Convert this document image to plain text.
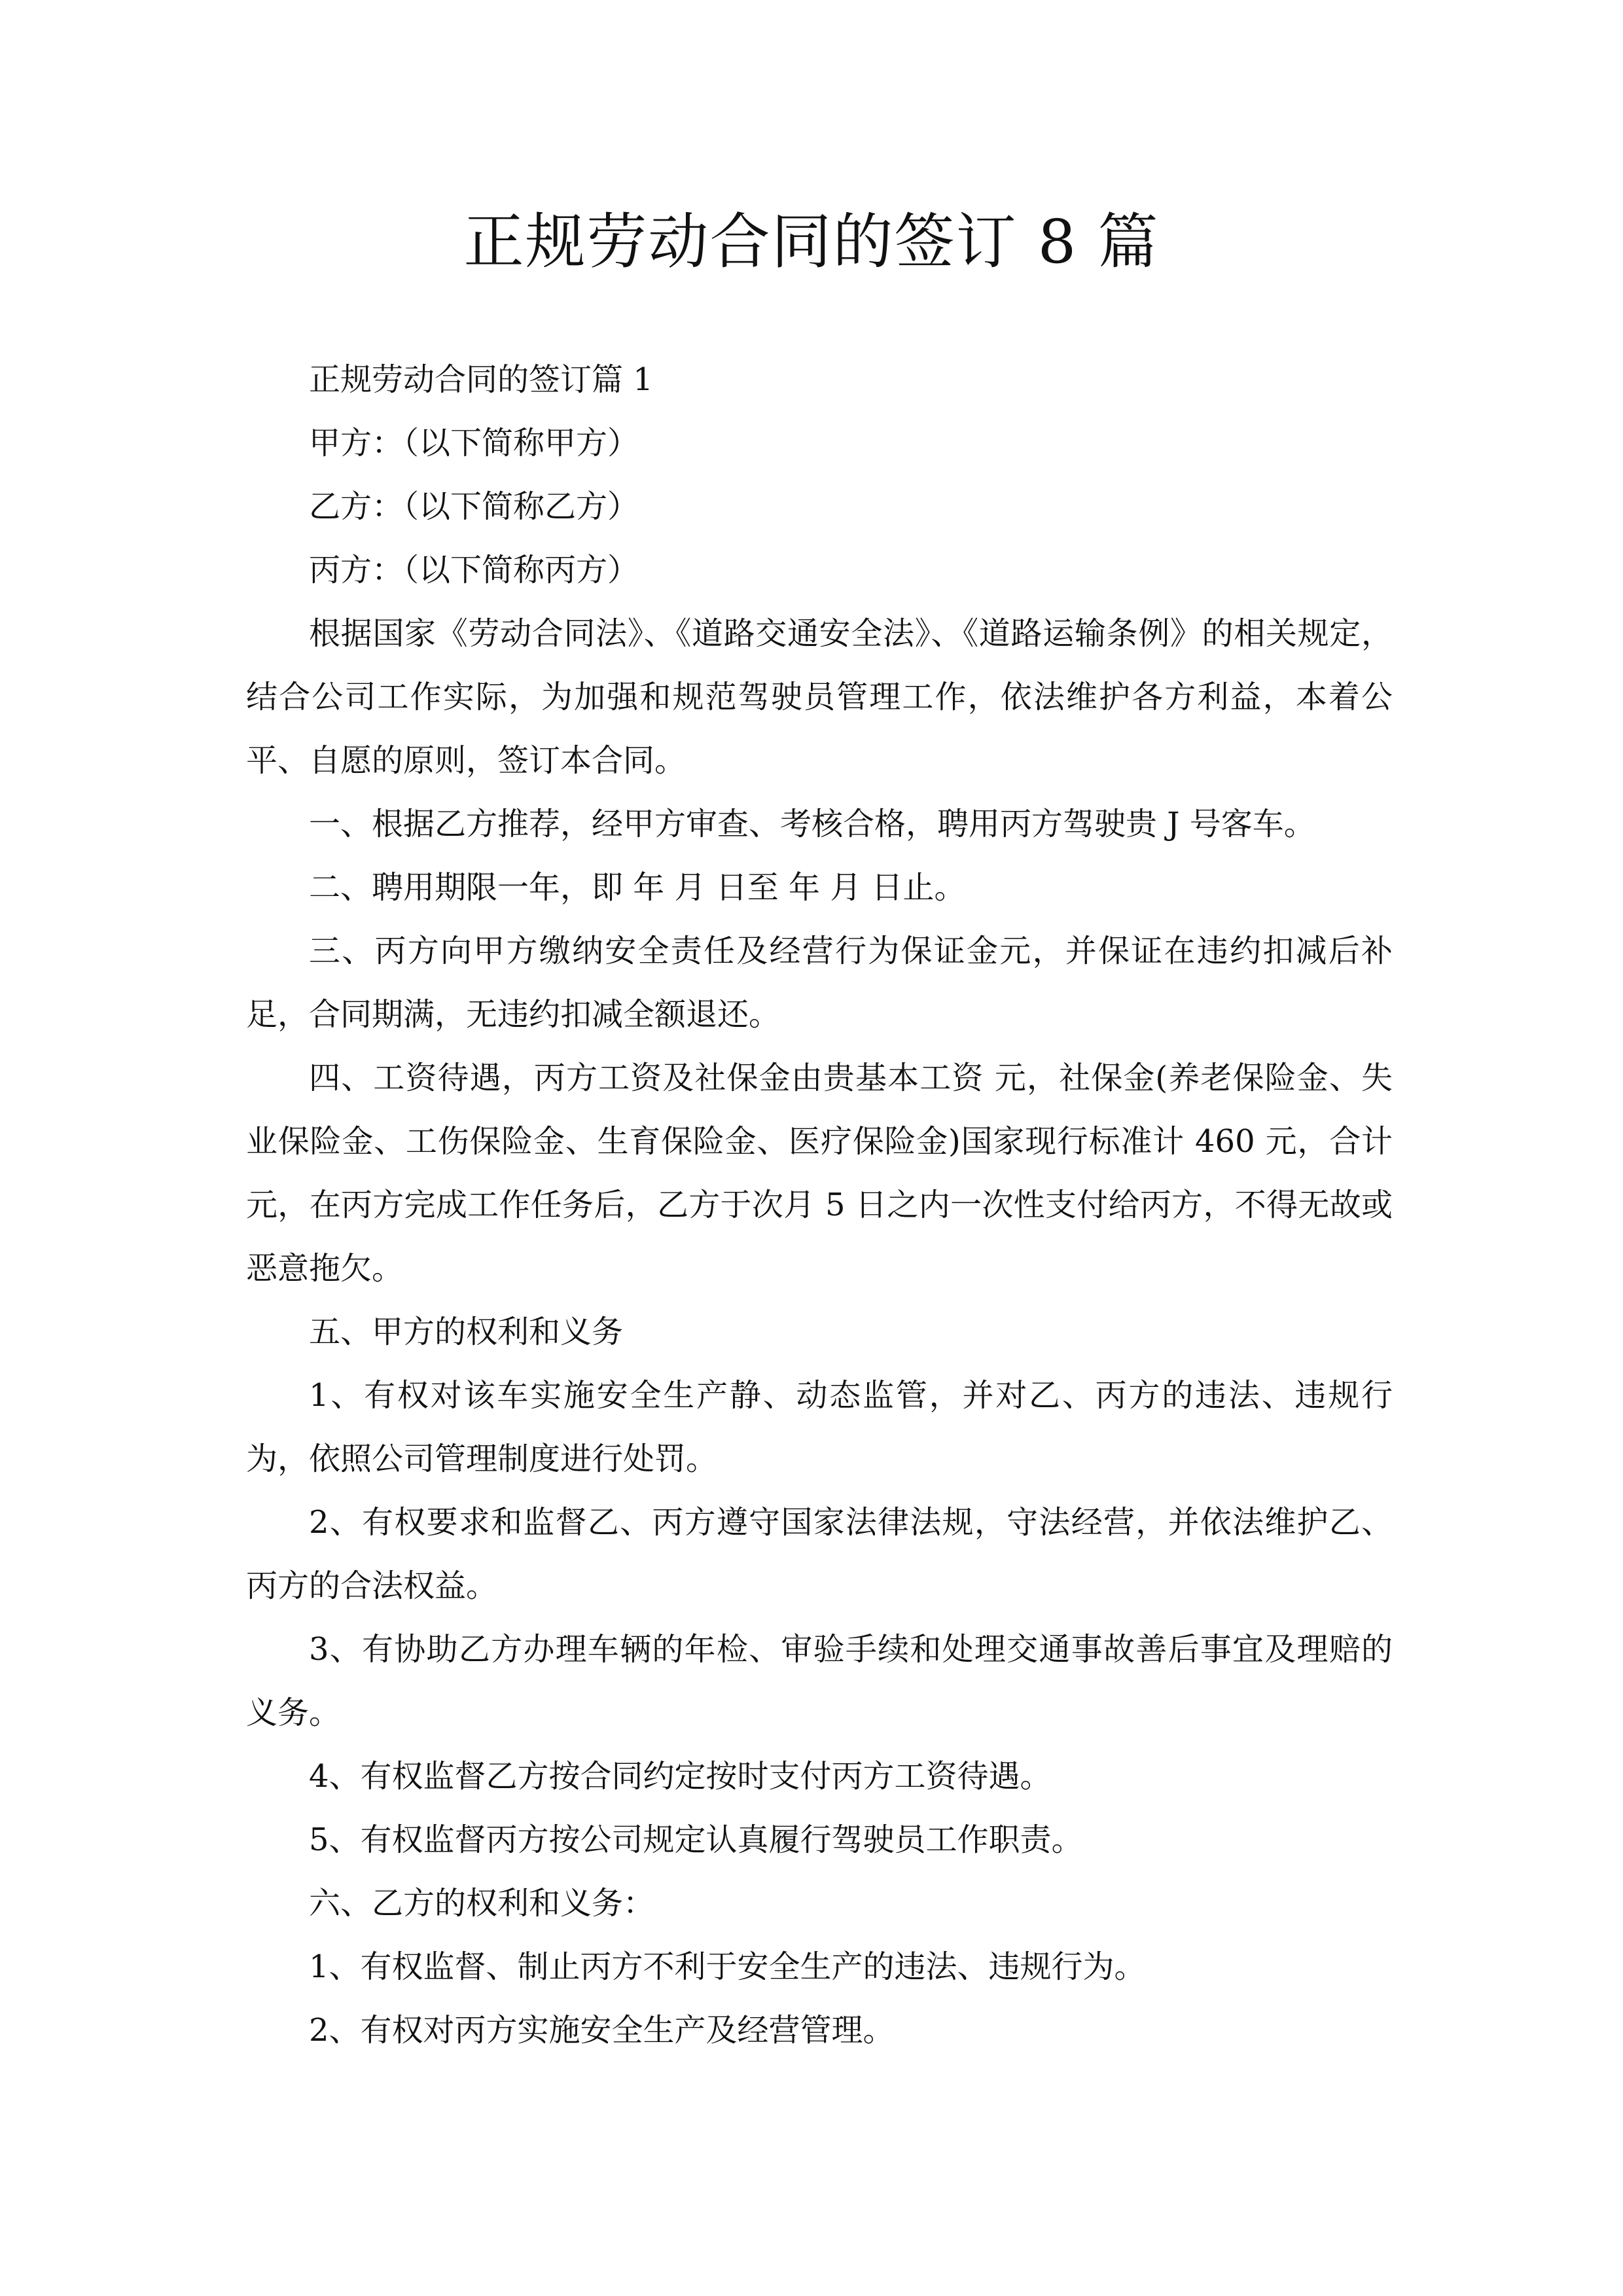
正规劳动合同的签订 8 篇

正规劳动合同的签订篇 1

甲方：（以下简称甲方）

乙方：（以下简称乙方）

丙方：（以下简称丙方）

根据国家《劳动合同法》、《道路交通安全法》、《道路运输条例》的相关规定，结合公司工作实际，为加强和规范驾驶员管理工作，依法维护各方利益，本着公平、自愿的原则，签订本合同。

一、根据乙方推荐，经甲方审查、考核合格，聘用丙方驾驶贵 J 号客车。

二、聘用期限一年，即 年 月 日至 年 月 日止。

三、丙方向甲方缴纳安全责任及经营行为保证金元，并保证在违约扣减后补足，合同期满，无违约扣减全额退还。

四、工资待遇，丙方工资及社保金由贵基本工资 元，社保金(养老保险金、失业保险金、工伤保险金、生育保险金、医疗保险金)国家现行标准计 460 元，合计 元，在丙方完成工作任务后，乙方于次月 5 日之内一次性支付给丙方，不得无故或恶意拖欠。

五、甲方的权利和义务

1、有权对该车实施安全生产静、动态监管，并对乙、丙方的违法、违规行为，依照公司管理制度进行处罚。

2、有权要求和监督乙、丙方遵守国家法律法规，守法经营，并依法维护乙、丙方的合法权益。

3、有协助乙方办理车辆的年检、审验手续和处理交通事故善后事宜及理赔的义务。

4、有权监督乙方按合同约定按时支付丙方工资待遇。

5、有权监督丙方按公司规定认真履行驾驶员工作职责。

六、乙方的权利和义务：

1、有权监督、制止丙方不利于安全生产的违法、违规行为。

2、有权对丙方实施安全生产及经营管理。
